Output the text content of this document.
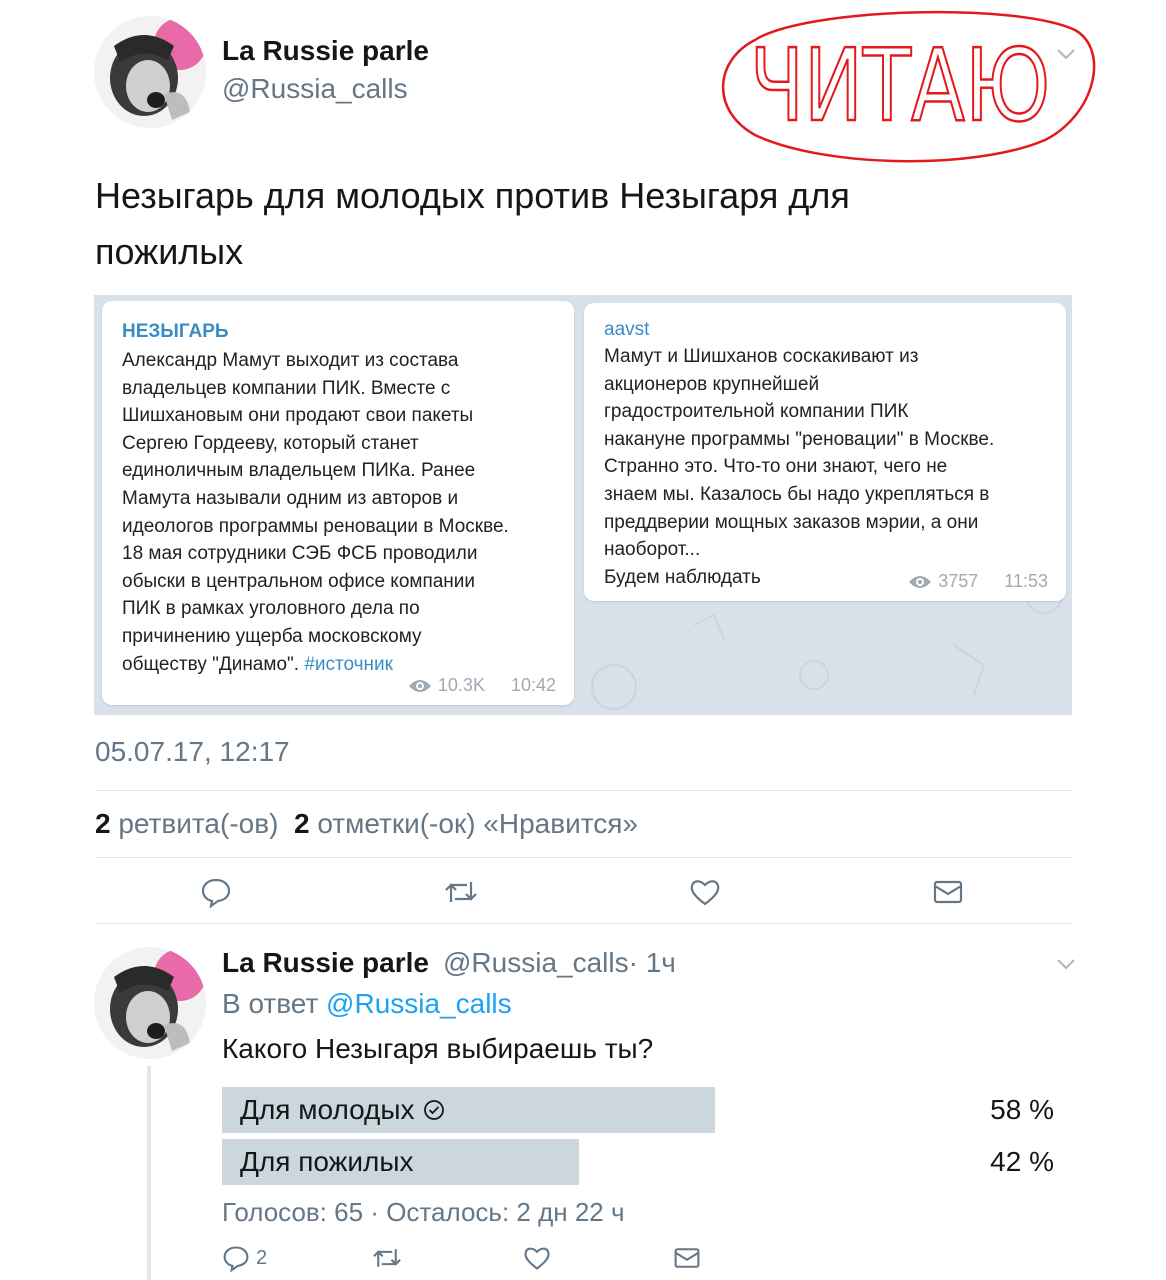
La Russie parle
@Russia_calls	ЧИТАЮ
Незыгарь для молодых против Незыгаря для пожилых
НЕЗЫГАРЬ
Александр Мамут выходит из состава
владельцев компании ПИК. Вместе с
Шишхановым они продают свои пакеты
Сергею Гордееву, который станет
единоличным владельцем ПИКа. Ранее
Мамута называли одним из авторов и
идеологов программы реновации в Москве.
18 мая сотрудники СЭБ ФСБ проводили
обыски в центральном офисе компании
ПИК в рамках уголовного дела по
причинению ущерба московскому
обществу "Динамо". #источник
10.3K 10:42
aavst
Мамут и Шишханов соскакивают из
акционеров крупнейшей
градостроительной компании ПИК
накануне программы "реновации" в Москве.
Странно это. Что-то они знают, чего не
знаем мы. Казалось бы надо укрепляться в
преддверии мощных заказов мэрии, а они
наоборот...
Будем наблюдать	3757 11:53
05.07.17, 12:17
2 ретвита(-ов) 2 отметки(-ок) «Нравится»
La Russie parle @Russia_calls· 1ч
В ответ @Russia_calls
Какого Незыгаря выбираешь ты?
Для молодых	58 %
Для пожилых	42 %
Голосов: 65 · Осталось: 2 дн 22 ч
2
